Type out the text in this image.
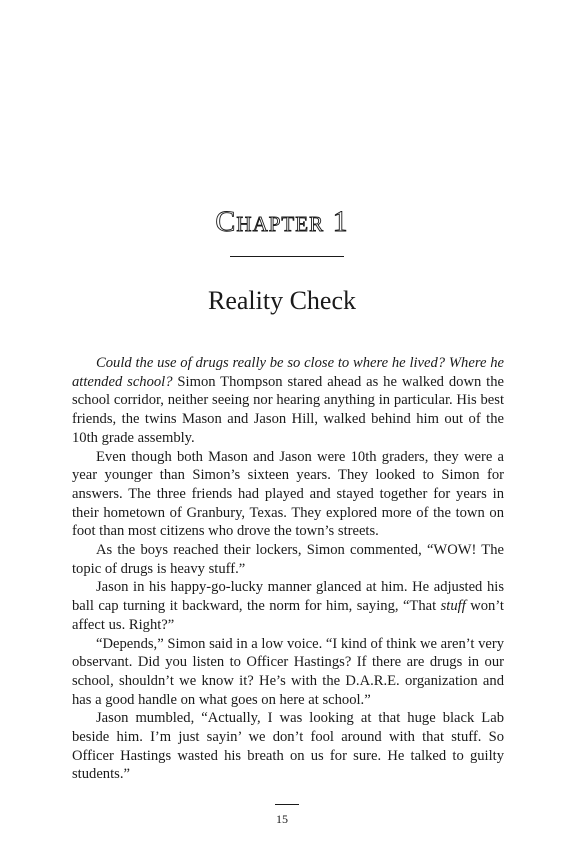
Chapter 1
Reality Check

Could the use of drugs really be so close to where he lived? Where he attended school? Simon Thompson stared ahead as he walked down the school corridor, neither seeing nor hearing anything in particular. His best friends, the twins Mason and Jason Hill, walked behind him out of the 10th grade assembly.

Even though both Mason and Jason were 10th graders, they were a year younger than Simon’s sixteen years. They looked to Simon for answers. The three friends had played and stayed together for years in their hometown of Granbury, Texas. They explored more of the town on foot than most citizens who drove the town’s streets.

As the boys reached their lockers, Simon commented, “WOW! The topic of drugs is heavy stuff.”

Jason in his happy-go-lucky manner glanced at him. He adjusted his ball cap turning it backward, the norm for him, saying, “That stuff won’t affect us. Right?”

“Depends,” Simon said in a low voice. “I kind of think we aren’t very observant. Did you listen to Officer Hastings? If there are drugs in our school, shouldn’t we know it? He’s with the D.A.R.E. organization and has a good handle on what goes on here at school.”

Jason mumbled, “Actually, I was looking at that huge black Lab beside him. I’m just sayin’ we don’t fool around with that stuff. So Officer Hastings wasted his breath on us for sure. He talked to guilty students.”

15
